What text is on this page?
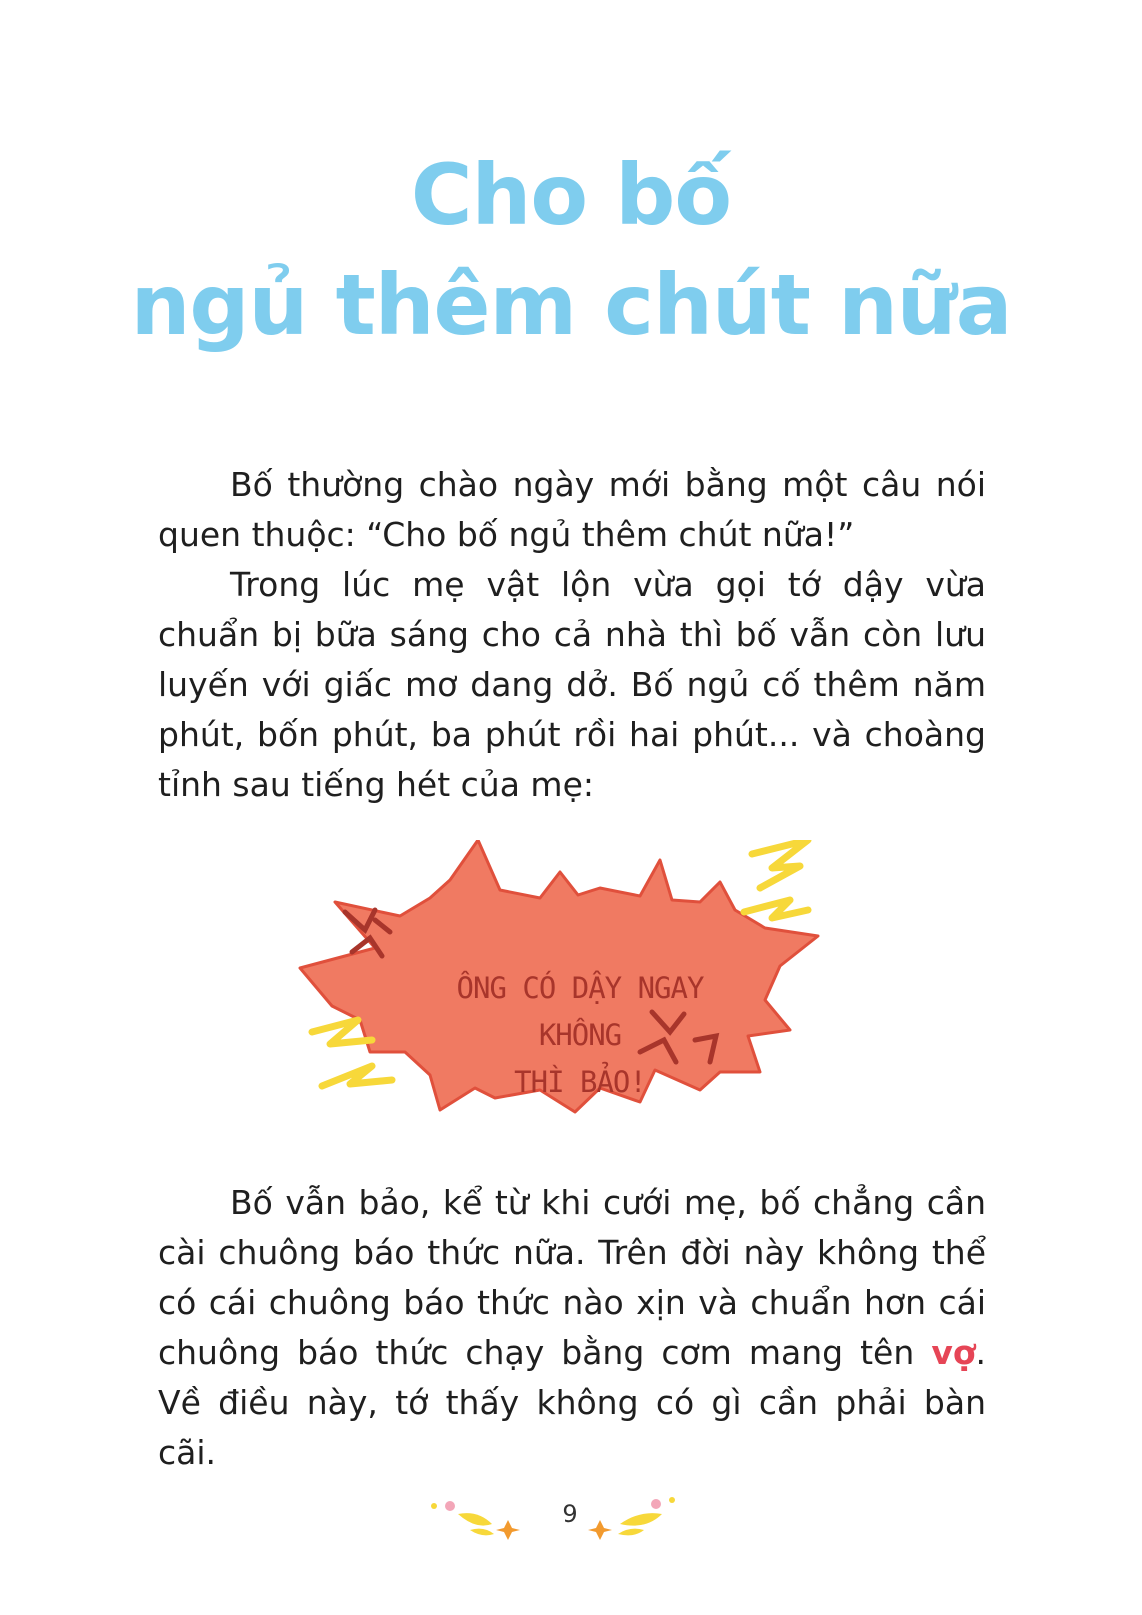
Cho bố
ngủ thêm chút nữa

Bố thường chào ngày mới bằng một câu nói quen thuộc: “Cho bố ngủ thêm chút nữa!”

Trong lúc mẹ vật lộn vừa gọi tớ dậy vừa chuẩn bị bữa sáng cho cả nhà thì bố vẫn còn lưu luyến với giấc mơ dang dở. Bố ngủ cố thêm năm phút, bốn phút, ba phút rồi hai phút... và choàng tỉnh sau tiếng hét của mẹ:

ÔNG CÓ DẬY NGAY KHÔNG
THÌ BẢO!

Bố vẫn bảo, kể từ khi cưới mẹ, bố chẳng cần cài chuông báo thức nữa. Trên đời này không thể có cái chuông báo thức nào xịn và chuẩn hơn cái chuông báo thức chạy bằng cơm mang tên vợ. Về điều này, tớ thấy không có gì cần phải bàn cãi.

9
